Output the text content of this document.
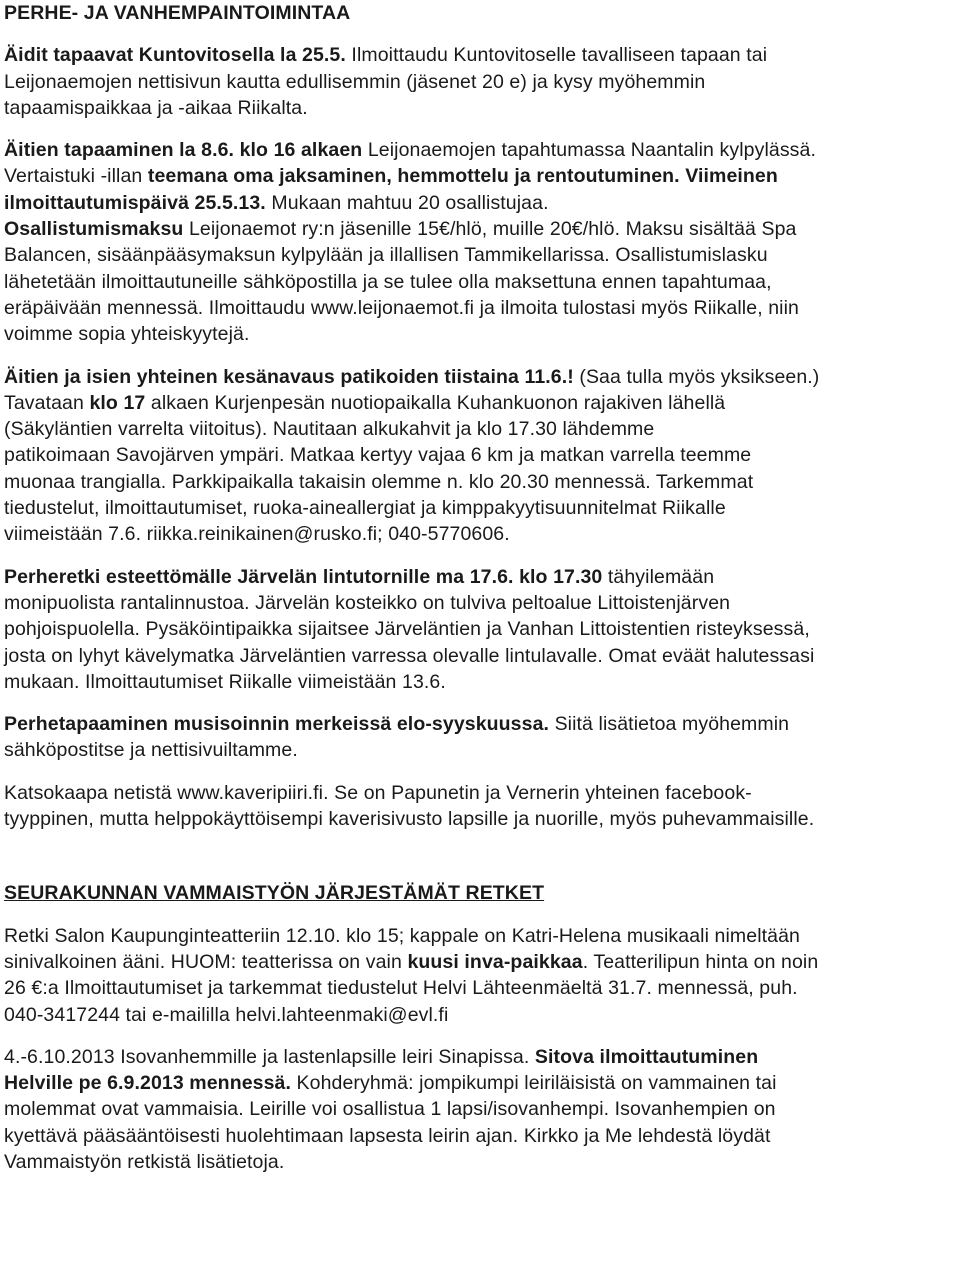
PERHE- JA VANHEMPAINTOIMINTAA
Äidit tapaavat Kuntovitosella la 25.5. Ilmoittaudu Kuntovitoselle tavalliseen tapaan tai
Leijonaemojen nettisivun kautta edullisemmin (jäsenet 20 e) ja kysy myöhemmin
tapaamispaikkaa ja -aikaa Riikalta.
Äitien tapaaminen la 8.6. klo 16 alkaen Leijonaemojen tapahtumassa Naantalin kylpylässä.
Vertaistuki -illan teemana oma jaksaminen, hemmottelu ja rentoutuminen. Viimeinen
ilmoittautumispäivä 25.5.13. Mukaan mahtuu 20 osallistujaa.
Osallistumismaksu Leijonaemot ry:n jäsenille 15€/hlö, muille 20€/hlö. Maksu sisältää Spa
Balancen, sisäänpääsymaksun kylpylään ja illallisen Tammikellarissa. Osallistumislasku
lähetetään ilmoittautuneille sähköpostilla ja se tulee olla maksettuna ennen tapahtumaa,
eräpäivään mennessä. Ilmoittaudu www.leijonaemot.fi ja ilmoita tulostasi myös Riikalle, niin
voimme sopia yhteiskyytejä.
Äitien ja isien yhteinen kesänavaus patikoiden tiistaina 11.6.! (Saa tulla myös yksikseen.)
Tavataan klo 17 alkaen Kurjenpesän nuotiopaikalla Kuhankuonon rajakiven lähellä
(Säkyläntien varrelta viitoitus). Nautitaan alkukahvit ja klo 17.30 lähdemme
patikoimaan Savojärven ympäri. Matkaa kertyy vajaa 6 km ja matkan varrella teemme
muonaa trangialla. Parkkipaikalla takaisin olemme n. klo 20.30 mennessä. Tarkemmat
tiedustelut, ilmoittautumiset, ruoka-aineallergiat ja kimppakyytisuunnitelmat Riikalle
viimeistään 7.6. riikka.reinikainen@rusko.fi; 040-5770606.
Perheretki esteettömälle Järvelän lintutornille ma 17.6. klo 17.30 tähyilemään
monipuolista rantalinnustoa. Järvelän kosteikko on tulviva peltoalue Littoistenjärven
pohjoispuolella. Pysäköintipaikka sijaitsee Järveläntien ja Vanhan Littoistentien risteyksessä,
josta on lyhyt kävelymatka Järveläntien varressa olevalle lintulavalle. Omat eväät halutessasi
mukaan. Ilmoittautumiset Riikalle viimeistään 13.6.
Perhetapaaminen musisoinnin merkeissä elo-syyskuussa. Siitä lisätietoa myöhemmin
sähköpostitse ja nettisivuiltamme.
Katsokaapa netistä www.kaveripiiri.fi. Se on Papunetin ja Vernerin yhteinen facebook-
tyyppinen, mutta helppokäyttöisempi kaverisivusto lapsille ja nuorille, myös puhevammaisille.
SEURAKUNNAN VAMMAISTYÖN JÄRJESTÄMÄT RETKET
Retki Salon Kaupunginteatteriin 12.10. klo 15; kappale on Katri-Helena musikaali nimeltään
sinivalkoinen ääni. HUOM: teatterissa on vain kuusi inva-paikkaa. Teatterilipun hinta on noin
26 €:a Ilmoittautumiset ja tarkemmat tiedustelut Helvi Lähteenmäeltä 31.7. mennessä, puh.
040-3417244 tai e-maililla helvi.lahteenmaki@evl.fi
4.-6.10.2013 Isovanhemmille ja lastenlapsille leiri Sinapissa. Sitova ilmoittautuminen
Helville pe 6.9.2013 mennessä. Kohderyhmä: jompikumpi leiriläisistä on vammainen tai
molemmat ovat vammaisia. Leirille voi osallistua 1 lapsi/isovanhempi. Isovanhempien on
kyettävä pääsääntöisesti huolehtimaan lapsesta leirin ajan. Kirkko ja Me lehdestä löydät
Vammaistyön retkistä lisätietoja.
